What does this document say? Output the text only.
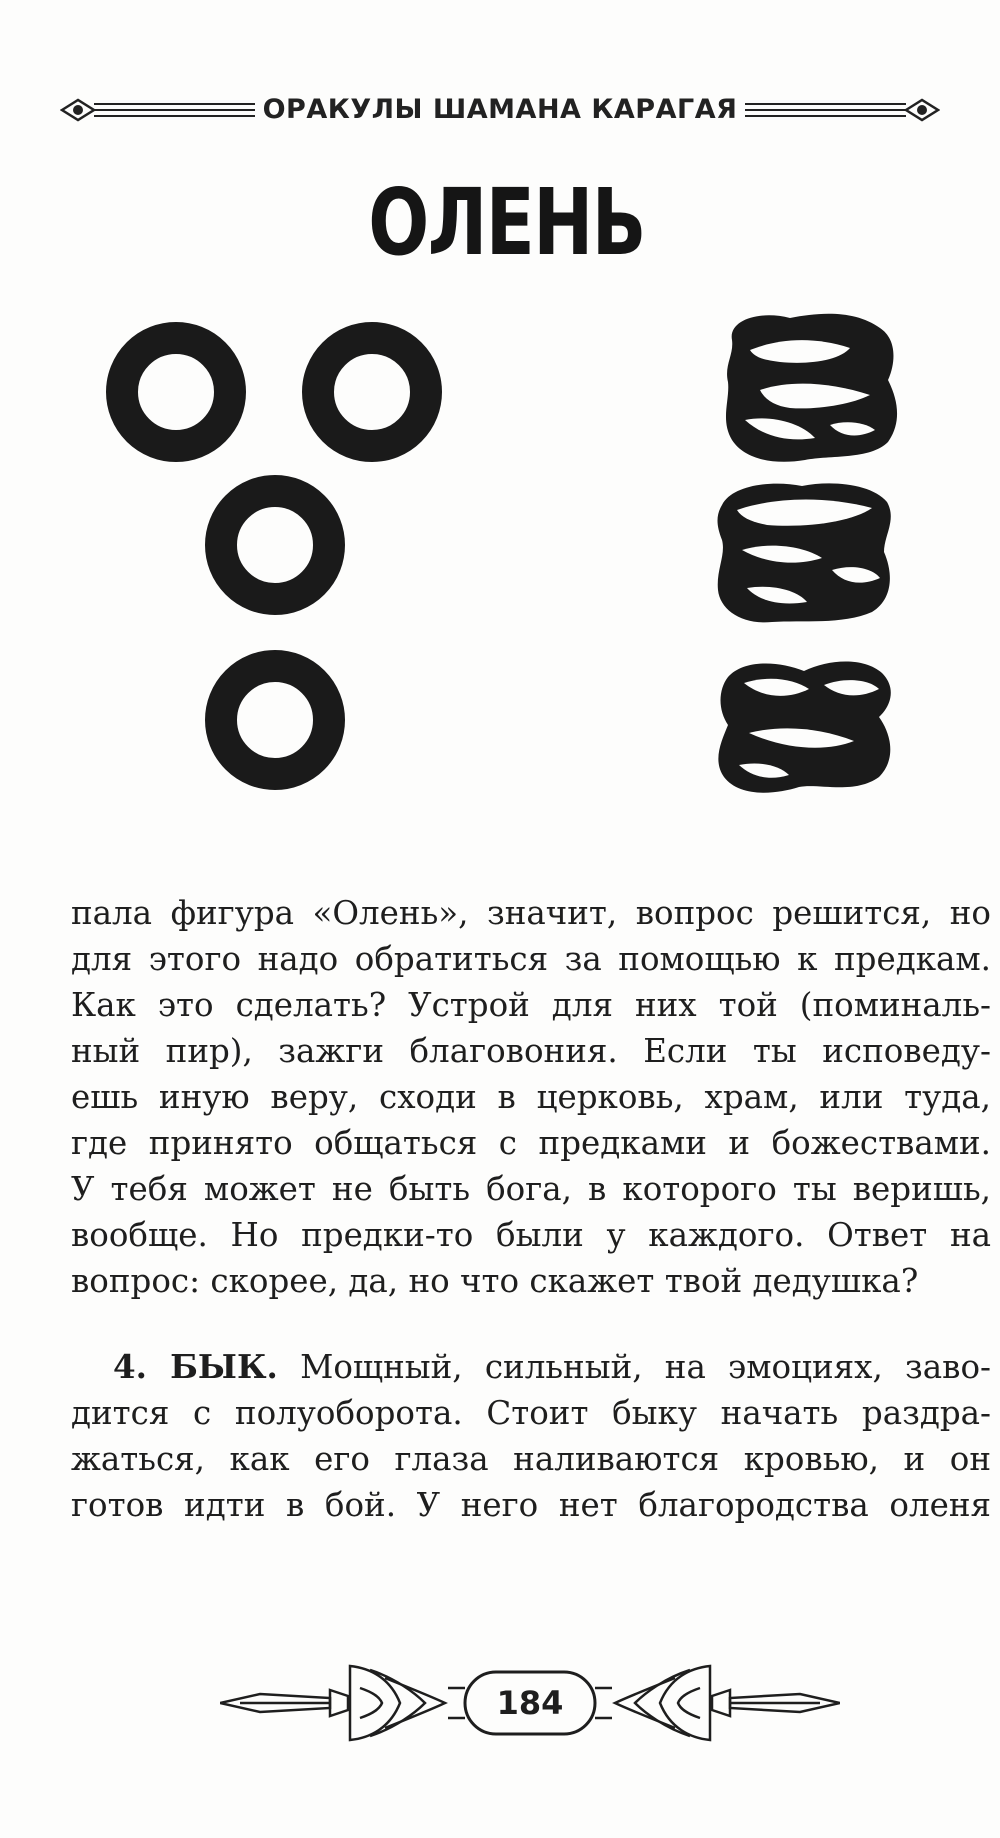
ОРАКУЛЫ ШАМАНА КАРАГАЯ
ОЛЕНЬ
пала фигура «Олень», значит, вопрос решится, но
для этого надо обратиться за помощью к предкам.
Как это сделать? Устрой для них той (поминаль-
ный пир), зажги благовония. Если ты исповеду-
ешь иную веру, сходи в церковь, храм, или туда,
где принято общаться с предками и божествами.
У тебя может не быть бога, в которого ты веришь,
вообще. Но предки-то были у каждого. Ответ на
вопрос: скорее, да, но что скажет твой дедушка?
4. БЫК. Мощный, сильный, на эмоциях, заво-
дится с полуоборота. Стоит быку начать раздра-
жаться, как его глаза наливаются кровью, и он
готов идти в бой. У него нет благородства оленя
184
